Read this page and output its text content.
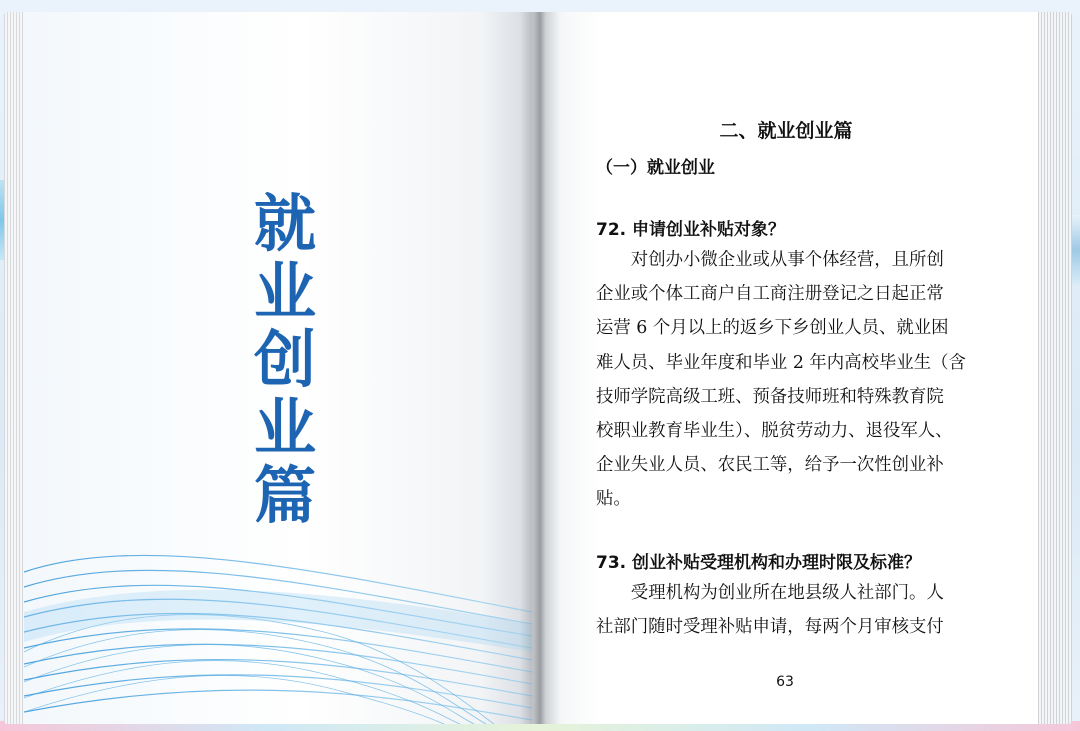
就
业
创
业
篇
二、就业创业篇
（一）就业创业
72. 申请创业补贴对象？
对创办小微企业或从事个体经营，且所创
企业或个体工商户自工商注册登记之日起正常
运营 6 个月以上的返乡下乡创业人员、就业困
难人员、毕业年度和毕业 2 年内高校毕业生（含
技师学院高级工班、预备技师班和特殊教育院
校职业教育毕业生）、脱贫劳动力、退役军人、
企业失业人员、农民工等，给予一次性创业补
贴。
73. 创业补贴受理机构和办理时限及标准？
受理机构为创业所在地县级人社部门。人
社部门随时受理补贴申请，每两个月审核支付
63
